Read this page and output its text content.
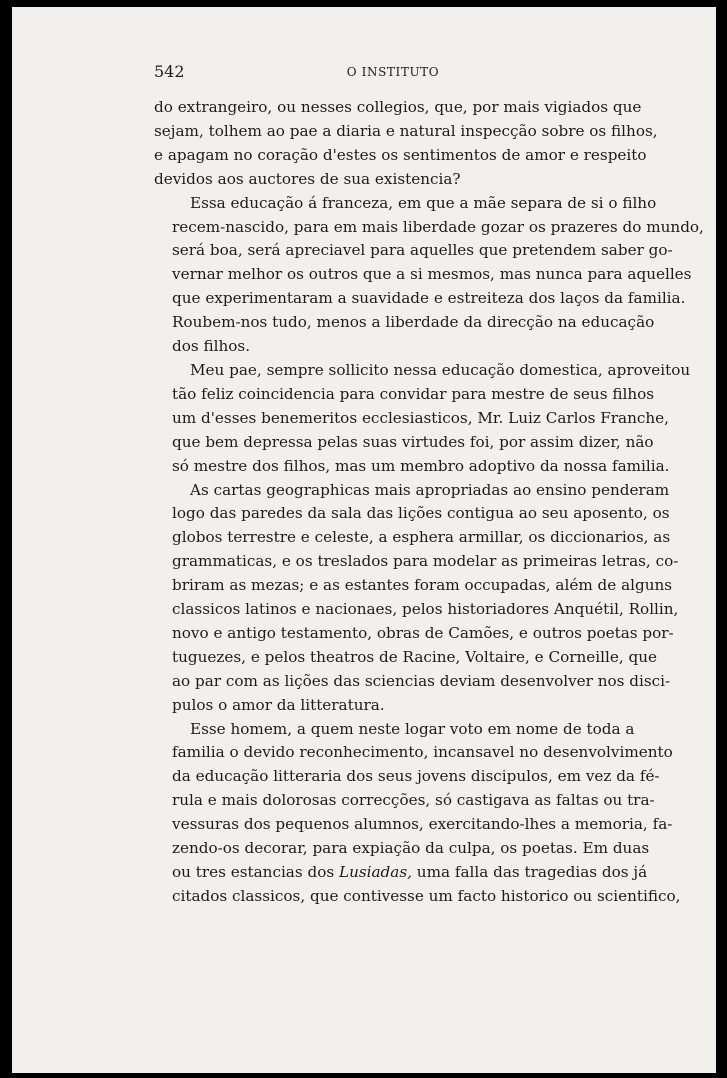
542	O INSTITUTO

do extrangeiro, ou nesses collegios, que, por mais vigiados que
sejam, tolhem ao pae a diaria e natural inspecção sobre os filhos,
e apagam no coração d'estes os sentimentos de amor e respeito
devidos aos auctores de sua existencia?

Essa educação á franceza, em que a mãe separa de si o filho
recem-nascido, para em mais liberdade gozar os prazeres do mundo,
será boa, será apreciavel para aquelles que pretendem saber go-
vernar melhor os outros que a si mesmos, mas nunca para aquelles
que experimentaram a suavidade e estreiteza dos laços da familia.
Roubem-nos tudo, menos a liberdade da direcção na educação
dos filhos.

Meu pae, sempre sollicito nessa educação domestica, aproveitou
tão feliz coincidencia para convidar para mestre de seus filhos
um d'esses benemeritos ecclesiasticos, Mr. Luiz Carlos Franche,
que bem depressa pelas suas virtudes foi, por assim dizer, não
só mestre dos filhos, mas um membro adoptivo da nossa familia.

As cartas geographicas mais apropriadas ao ensino penderam
logo das paredes da sala das lições contigua ao seu aposento, os
globos terrestre e celeste, a esphera armillar, os diccionarios, as
grammaticas, e os treslados para modelar as primeiras letras, co-
briram as mezas; e as estantes foram occupadas, além de alguns
classicos latinos e nacionaes, pelos historiadores Anquétil, Rollin,
novo e antigo testamento, obras de Camões, e outros poetas por-
tuguezes, e pelos theatros de Racine, Voltaire, e Corneille, que
ao par com as lições das sciencias deviam desenvolver nos disci-
pulos o amor da litteratura.

Esse homem, a quem neste logar voto em nome de toda a
familia o devido reconhecimento, incansavel no desenvolvimento
da educação litteraria dos seus jovens discipulos, em vez da fé-
rula e mais dolorosas correcções, só castigava as faltas ou tra-
vessuras dos pequenos alumnos, exercitando-lhes a memoria, fa-
zendo-os decorar, para expiação da culpa, os poetas. Em duas
ou tres estancias dos Lusiadas, uma falla das tragedias dos já
citados classicos, que contivesse um facto historico ou scientifico,
